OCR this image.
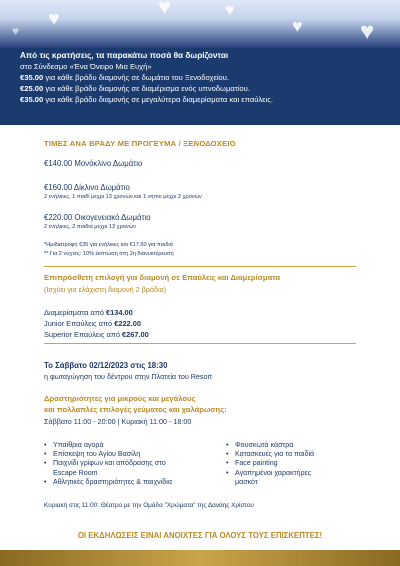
♥	♥	♥
♥ ♥
♥
Από τις κρατήσεις, τα παρακάτω ποσά θα δωρίζονται
στο Σύνδεσμο «Ένα Όνειρο Μια Ευχή»
€35.00 για κάθε βράδυ διαμονής σε δωμάτιο του Ξενοδοχείου.
€25.00 για κάθε βράδυ διαμονής σε διαμέρισμα ενός υπνοδωματίου.
€35.00 για κάθε βράδυ διαμονής σε μεγαλύτερα διαμερίσματα και επαύλεις.
ΤΙΜΕΣ ΑΝΑ ΒΡΑΔΥ ΜΕ ΠΡΟΓΕΥΜΑ / ΞΕΝΟΔΟΧΕΙΟ
€140.00 Μονόκλινο Δωμάτιο
€160.00 Δίκλινο Δωμάτιο
2 ενήλικες, 1 παιδί μέχρι 13 χρονών και 1 νήπιο μέχρι 2 χρονών
€220.00 Οικογενειακό Δωμάτιο
2 ενήλικες, 2 παιδιά μέχρι 13 χρονών
*Ημιδιατροφή €35 για ενήλικες και €17.50 για παιδιά
** Για 2 νύχτες: 10% έκπτωση στη 2η διανυκτέρευση
Επιπρόσθετη επιλογή για διαμονή σε Επαύλεις και Διαμερίσματα
(Ισχύει για ελάχιστη διαμονή 2 βράδια)
Διαμερίσματα από €134.00
Junior Επαύλεις από €222.00
Superior Επαύλεις από €267.00
Το Σάββατο 02/12/2023 στις 18:30
η φωταγώγηση του δέντρου στην Πλατεία του Resort
Δραστηριότητες για μικρούς και μεγάλους
και πολλαπλές επιλογές γεύματος και χαλάρωσης:
Σάββατο 11:00 - 20:00 | Κυριακή 11:00 - 18:00
• Υπαίθρια αγορά
• Επίσκεψη του Αγίου Βασίλη
• Παιχνίδι γρίφων και απόδρασης στο
Escape Room
• Αθλητικές δραστηριότητες & παιχνίδια
• Φουσκωτά κάστρα
• Κατασκευές για τα παιδιά
• Face painting
• Αγαπημένοι χαρακτήρες
μασκότ
Κυριακή στις 11:00: Θέατρο με την Ομάδα "Χρώματα" της Δανάης Χρίστου
ΟΙ ΕΚΔΗΛΩΣΕΙΣ ΕΙΝΑΙ ΑΝΟΙΧΤΕΣ ΓΙΑ ΟΛΟΥΣ ΤΟΥΣ ΕΠΙΣΚΕΠΤΕΣ!
